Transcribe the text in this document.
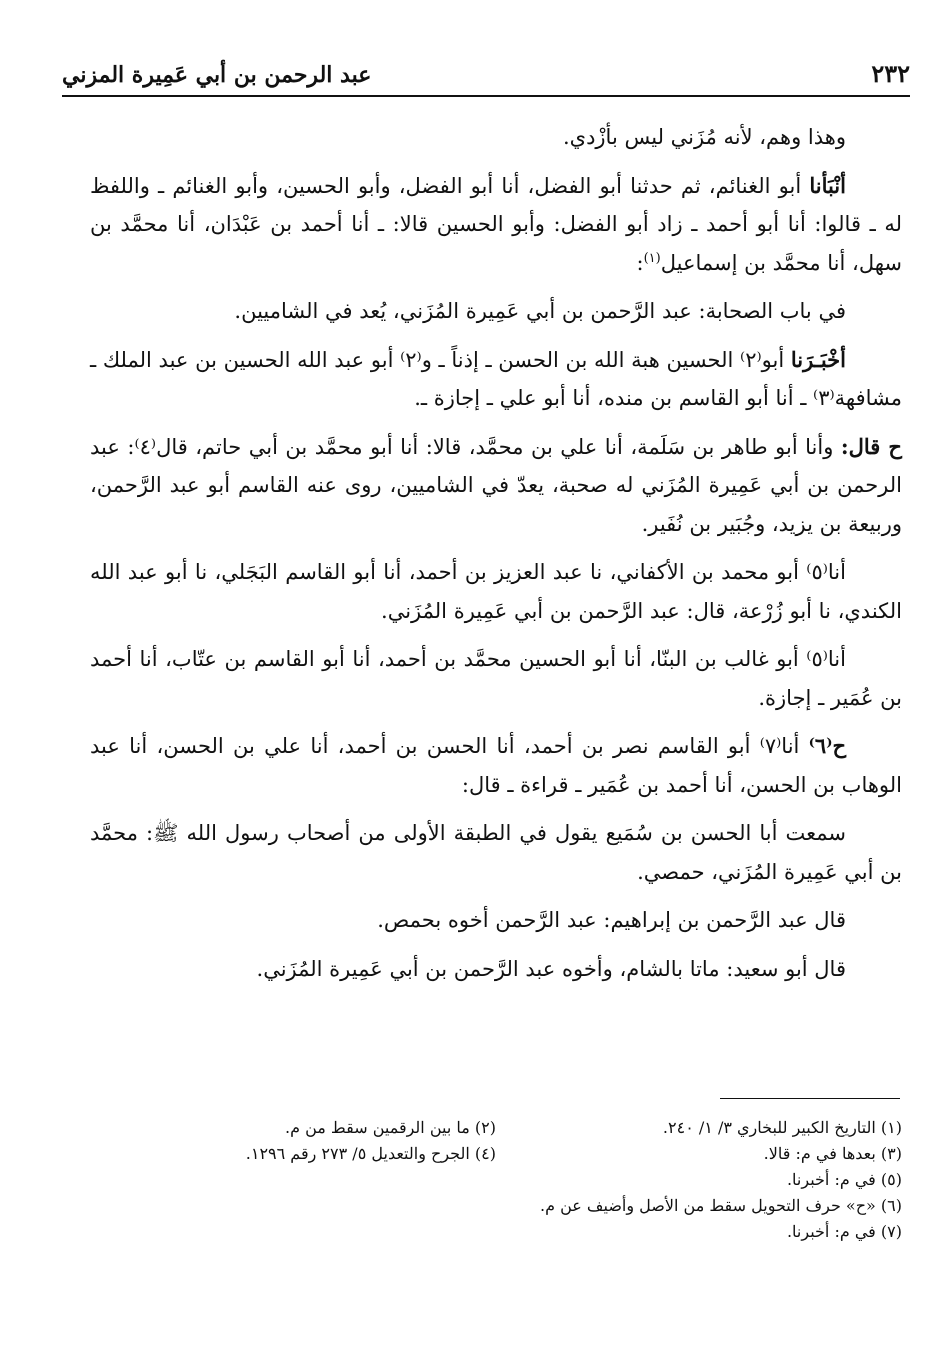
٢٣٢
عبد الرحمن بن أبي عَمِيرة المزني

وهذا وهم، لأنه مُزَني ليس بأزْدي.

أنْبَأنا أبو الغنائم، ثم حدثنا أبو الفضل، أنا أبو الفضل، وأبو الحسين، وأبو الغنائم ـ واللفظ له ـ قالوا: أنا أبو أحمد ـ زاد أبو الفضل: وأبو الحسين قالا: ـ أنا أحمد بن عَبْدَان، أنا محمَّد بن سهل، أنا محمَّد بن إسماعيل$^{(١)}$:

في باب الصحابة: عبد الرَّحمن بن أبي عَمِيرة المُزَني، يُعد في الشاميين.

أخْبَـرَنا أبو⁽٢⁾ الحسين هبة الله بن الحسن ـ إذناً ـ و⁽٢⁾ أبو عبد الله الحسين بن عبد الملك ـ مشافهة⁽٣⁾ ـ أنا أبو القاسم بن منده، أنا أبو علي ـ إجازة ـ.

ح قال: وأنا أبو طاهر بن سَلَمة، أنا علي بن محمَّد، قالا: أنا أبو محمَّد بن أبي حاتم، قال⁽٤⁾: عبد الرحمن بن أبي عَمِيرة المُزَني له صحبة، يعدّ في الشاميين، روى عنه القاسم أبو عبد الرَّحمن، وربيعة بن يزيد، وجُبَير بن نُفَير.

أنا⁽٥⁾ أبو محمد بن الأكفاني، نا عبد العزيز بن أحمد، أنا أبو القاسم البَجَلي، نا أبو عبد الله الكندي، نا أبو زُرْعة، قال: عبد الرَّحمن بن أبي عَمِيرة المُزَني.

أنا⁽٥⁾ أبو غالب بن البنّا، أنا أبو الحسين محمَّد بن أحمد، أنا أبو القاسم بن عتّاب، أنا أحمد بن عُمَير ـ إجازة.

ح⁽٦⁾ أنا⁽٧⁾ أبو القاسم نصر بن أحمد، أنا الحسن بن أحمد، أنا علي بن الحسن، أنا عبد الوهاب بن الحسن، أنا أحمد بن عُمَير ـ قراءة ـ قال:

سمعت أبا الحسن بن سُمَيع يقول في الطبقة الأولى من أصحاب رسول الله ﷺ: محمَّد بن أبي عَمِيرة المُزَني، حمصي.

قال عبد الرَّحمن بن إبراهيم: عبد الرَّحمن أخوه بحمص.

قال أبو سعيد: ماتا بالشام، وأخوه عبد الرَّحمن بن أبي عَمِيرة المُزَني.

(١) التاريخ الكبير للبخاري ٣/ ١/ ٢٤٠.
(٢) ما بين الرقمين سقط من م.
(٣) بعدها في م: قالا.
(٤) الجرح والتعديل ٥/ ٢٧٣ رقم ١٢٩٦.
(٥) في م: أخبرنا.
(٦) «ح» حرف التحويل سقط من الأصل وأضيف عن م.
(٧) في م: أخبرنا.
